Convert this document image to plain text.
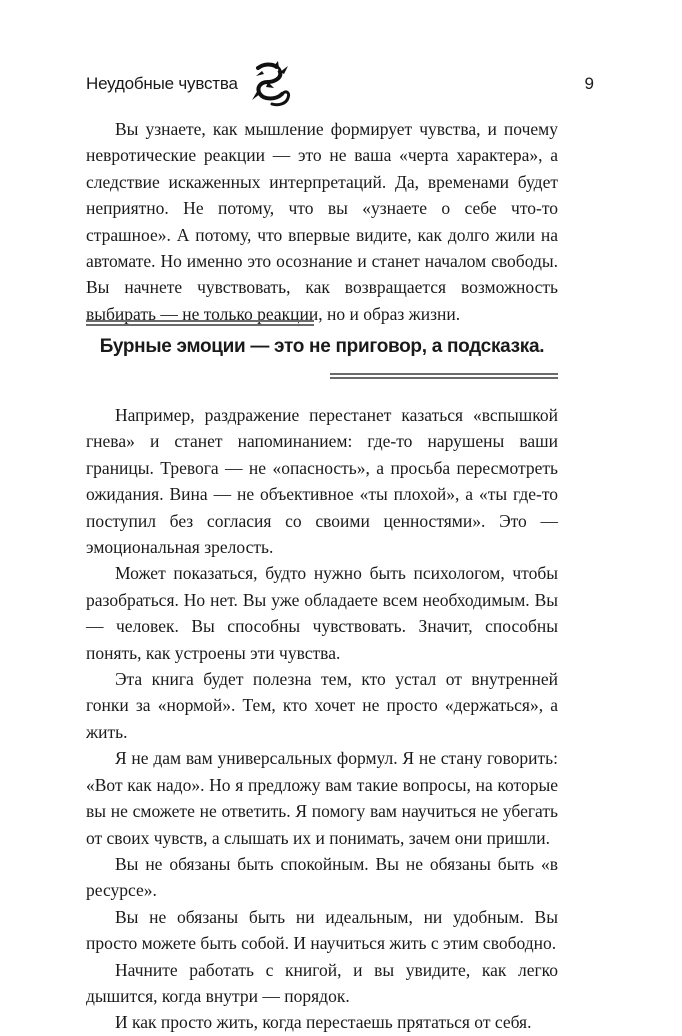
Неудобные чувства	9

Вы узнаете, как мышление формирует чувства, и почему невротические реакции — это не ваша «черта характера», а следствие искаженных интерпретаций. Да, временами будет неприятно. Не потому, что вы «узнаете о себе что-то страшное». А потому, что впервые видите, как долго жили на автомате. Но именно это осознание и станет началом свободы. Вы начнете чувствовать, как возвращается возможность выбирать — не только реакции, но и образ жизни.

Бурные эмоции — это не приговор, а подсказка.

Например, раздражение перестанет казаться «вспышкой гнева» и станет напоминанием: где-то нарушены ваши границы. Тревога — не «опасность», а просьба пересмотреть ожидания. Вина — не объективное «ты плохой», а «ты где-то поступил без согласия со своими ценностями». Это — эмоциональная зрелость.

Может показаться, будто нужно быть психологом, чтобы разобраться. Но нет. Вы уже обладаете всем необходимым. Вы — человек. Вы способны чувствовать. Значит, способны понять, как устроены эти чувства.

Эта книга будет полезна тем, кто устал от внутренней гонки за «нормой». Тем, кто хочет не просто «держаться», а жить.

Я не дам вам универсальных формул. Я не стану говорить: «Вот как надо». Но я предложу вам такие вопросы, на которые вы не сможете не ответить. Я помогу вам научиться не убегать от своих чувств, а слышать их и понимать, зачем они пришли.

Вы не обязаны быть спокойным. Вы не обязаны быть «в ресурсе».

Вы не обязаны быть ни идеальным, ни удобным. Вы просто можете быть собой. И научиться жить с этим свободно.

Начните работать с книгой, и вы увидите, как легко дышится, когда внутри — порядок.

И как просто жить, когда перестаешь прятаться от себя.
